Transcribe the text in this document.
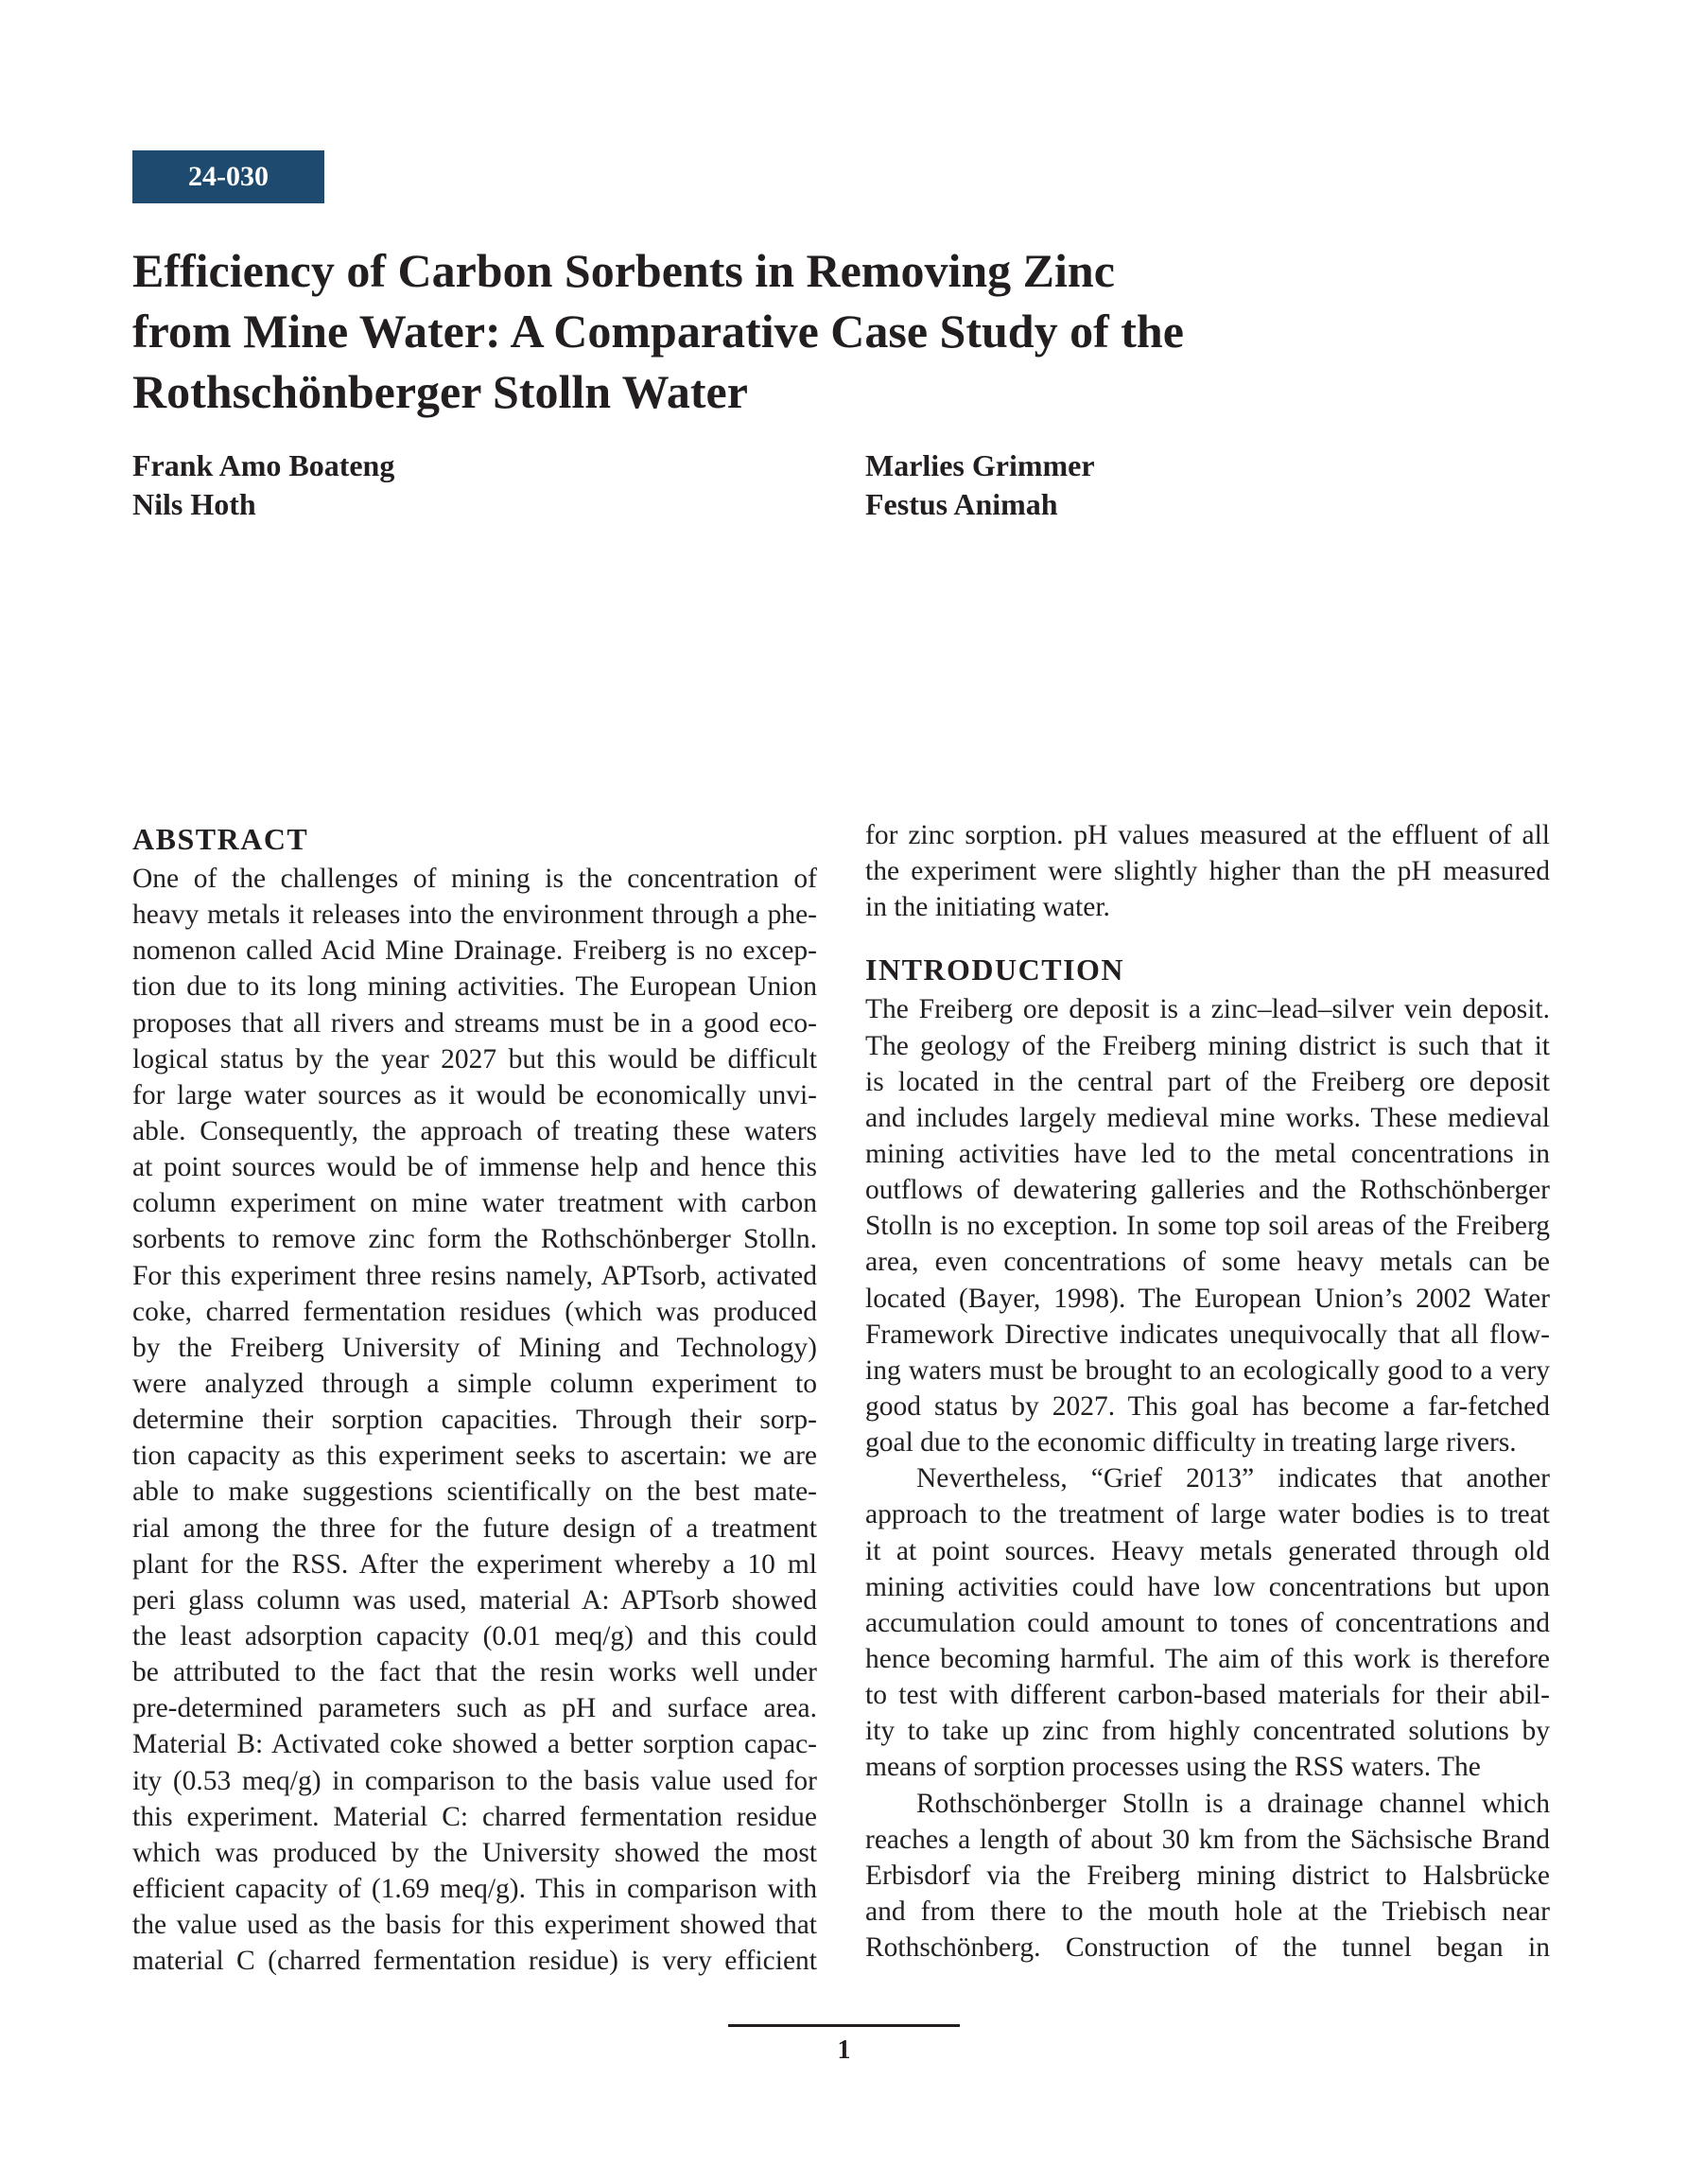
24-030
Efficiency of Carbon Sorbents in Removing Zinc
from Mine Water: A Comparative Case Study of the
Rothschönberger Stolln Water
Frank Amo Boateng
Nils Hoth
Marlies Grimmer
Festus Animah
ABSTRACT
One of the challenges of mining is the concentration of
heavy metals it releases into the environment through a phe-
nomenon called Acid Mine Drainage. Freiberg is no excep-
tion due to its long mining activities. The European Union
proposes that all rivers and streams must be in a good eco-
logical status by the year 2027 but this would be difficult
for large water sources as it would be economically unvi-
able. Consequently, the approach of treating these waters
at point sources would be of immense help and hence this
column experiment on mine water treatment with carbon
sorbents to remove zinc form the Rothschönberger Stolln.
For this experiment three resins namely, APTsorb, activated
coke, charred fermentation residues (which was produced
by the Freiberg University of Mining and Technology)
were analyzed through a simple column experiment to
determine their sorption capacities. Through their sorp-
tion capacity as this experiment seeks to ascertain: we are
able to make suggestions scientifically on the best mate-
rial among the three for the future design of a treatment
plant for the RSS. After the experiment whereby a 10 ml
peri glass column was used, material A: APTsorb showed
the least adsorption capacity (0.01 meq/g) and this could
be attributed to the fact that the resin works well under
pre-determined parameters such as pH and surface area.
Material B: Activated coke showed a better sorption capac-
ity (0.53 meq/g) in comparison to the basis value used for
this experiment. Material C: charred fermentation residue
which was produced by the University showed the most
efficient capacity of (1.69 meq/g). This in comparison with
the value used as the basis for this experiment showed that
material C (charred fermentation residue) is very efficient
for zinc sorption. pH values measured at the effluent of all
the experiment were slightly higher than the pH measured
in the initiating water.
INTRODUCTION
The Freiberg ore deposit is a zinc–lead–silver vein deposit.
The geology of the Freiberg mining district is such that it
is located in the central part of the Freiberg ore deposit
and includes largely medieval mine works. These medieval
mining activities have led to the metal concentrations in
outflows of dewatering galleries and the Rothschönberger
Stolln is no exception. In some top soil areas of the Freiberg
area, even concentrations of some heavy metals can be
located (Bayer, 1998). The European Union’s 2002 Water
Framework Directive indicates unequivocally that all flow-
ing waters must be brought to an ecologically good to a very
good status by 2027. This goal has become a far-fetched
goal due to the economic difficulty in treating large rivers.
Nevertheless, “Grief 2013” indicates that another
approach to the treatment of large water bodies is to treat
it at point sources. Heavy metals generated through old
mining activities could have low concentrations but upon
accumulation could amount to tones of concentrations and
hence becoming harmful. The aim of this work is therefore
to test with different carbon-based materials for their abil-
ity to take up zinc from highly concentrated solutions by
means of sorption processes using the RSS waters. The
Rothschönberger Stolln is a drainage channel which
reaches a length of about 30 km from the Sächsische Brand
Erbisdorf via the Freiberg mining district to Halsbrücke
and from there to the mouth hole at the Triebisch near
Rothschönberg. Construction of the tunnel began in
1
